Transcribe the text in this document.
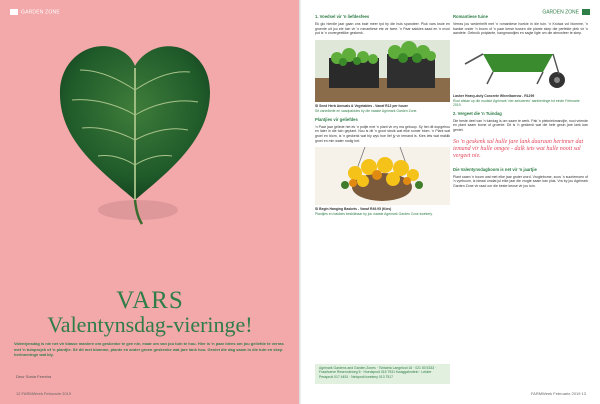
GARDEN ZONE
VARS
Valentynsdag-vieringe!
Valentynsdag is nie net vir klasse maniere om geskenke te gee nie, maar om van jou tuin te hou. Hier is 'n paar idees om jou geliefde te verras met 'n tuinprojek of 'n plantjie. Sê dit met blomme, plante en ander groen geskenke wat jare lank hou. Geniet die dag saam in die tuin en skep herinneringe wat bly.
Deur Sonia Ferreira
12 FARMWeek Februarie 2019
GARDEN ZONE
1. Voedsel vir 'n liefdesfees
Ek glo hierdie jaar gaan ons baie meer tyd by die huis spandeer. Pluk vars kruie en groente uit jou eie tuin vir 'n romantiese ete vir twee. 'n Paar sakkies saad en 'n mooi pot is 'n onvergeetlike geskenk.
SI Seed Herb Annuals & Vegetables - Vanaf R12 per houer
Sit variedteite en saadpakkies by die naaste Agrimark Garden Zone.
Plantjies vir geliefdes
'n Paar jaar gelede het ek 'n potjie met 'n plant vir my ma gekoop. Sy het dit dopgehou en later in die tuin geplant. Nou is dit 'n groot struik wat elke somer blom. 'n Plant wat groei en blom, is 'n geskenk wat bly wys hoe lief jy vir iemand is. Kies iets wat maklik groei en min water nodig het.
SI Begin Hanging Baskets - Vanaf R49.95 (Kies)
Plantjies en bakkies beskikbaar by jou naaste Agrimark Garden Zone kwekery.
Agrimark Gardens and Garden Zones · Tshiwela Langeloot 16 · 021 50 5333 · Fraaihoeve Reservoirweg 5 · Hoedspruit 015 7931 Kwaggafontein · Lekker Pesspruit 017 4451 · Nelspruit kwekery 013 7517
Romantiese tuine
Verras jou wederhelft met 'n romantiese hoekie in die tuin. 'n Kruiwa vol blomme, 'n bankie onder 'n boom of 'n paar kerse tussen die plante skep die perfekte plek vir 'n aandete. Gebruik potplante, hangmandjies en sagte ligte om die atmosfeer te skep.
Lasher Heavy-duty Concrete Wheelbarrow - R1299
Rooi afslae op die nuutste Agrimark 'vier-seisoenen' aanbiedinge tot einde Februarie 2019.
2. Vergeet die 'n Tuindag
Die beste deel van 'n tuindag is om saam te werk. Pak 'n piekniekmandjie, nooi vriende en plant saam bome of groente. Dit is 'n geskenk wat die hele gesin jare lank kan geniet.
So 'n geskenk sal hulle jare lank daaraan herinner dat iemand vir hulle omgee - dalk iets wat hulle nooit sal vergeet nie.
Die Valentynsdagboom is net vir 'n jaartjie
Plant saam 'n boom wat met elke jaar groter word. Vrugtebome, soos 'n suurlemoen of 'n vyeboom, is ideaal omdat jul elke jaar die vrugte saam kan pluk. Vra by jou Agrimark Garden Zone vir raad oor die beste keuse vir jou tuin.
FARMWeek Februarie 2019 13
